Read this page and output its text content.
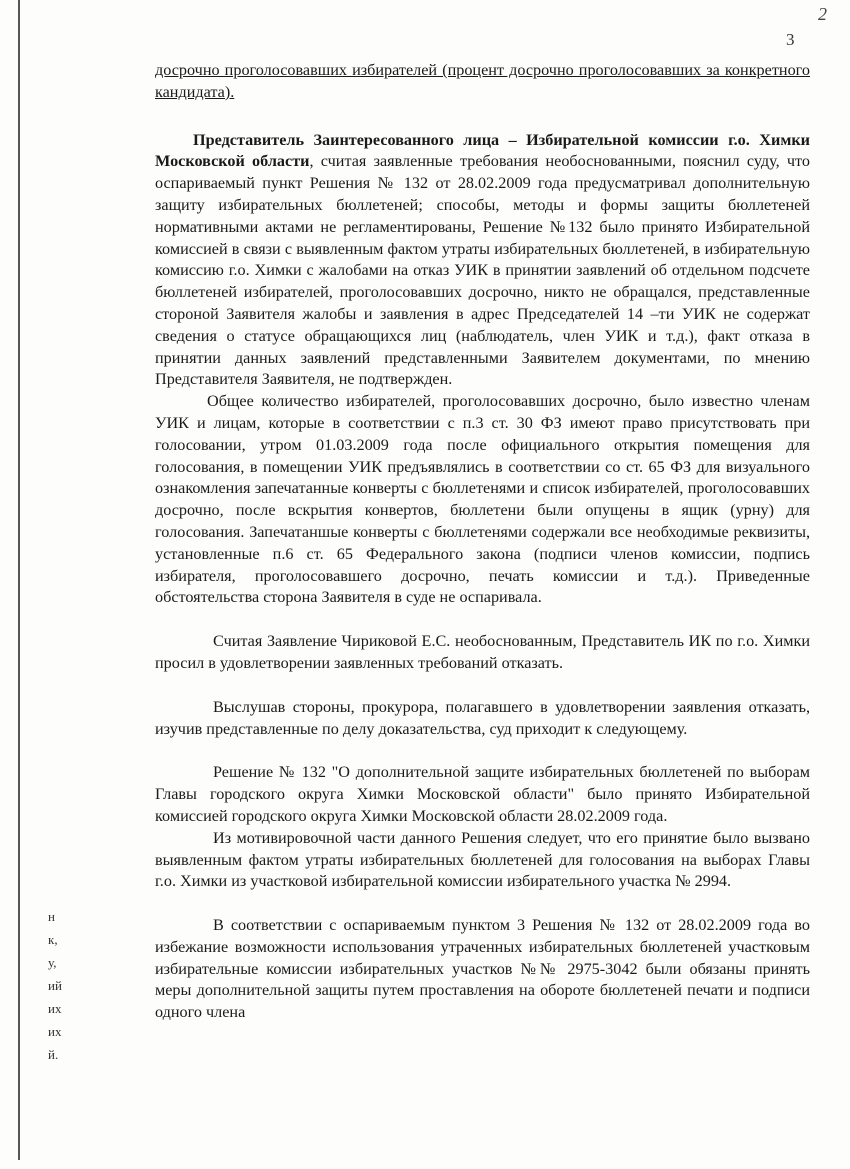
2
3
н
к,
у,
ий
их
их
й.

досрочно проголосовавших избирателей (процент досрочно проголосовавших за конкретного кандидата).

Представитель Заинтересованного лица – Избирательной комиссии г.о. Химки Московской области, считая заявленные требования необоснованными, пояснил суду, что оспариваемый пункт Решения № 132 от 28.02.2009 года предусматривал дополнительную защиту избирательных бюллетеней; способы, методы и формы защиты бюллетеней нормативными актами не регламентированы, Решение №132 было принято Избирательной комиссией в связи с выявленным фактом утраты избирательных бюллетеней, в избирательную комиссию г.о. Химки с жалобами на отказ УИК в принятии заявлений об отдельном подсчете бюллетеней избирателей, проголосовавших досрочно, никто не обращался, представленные стороной Заявителя жалобы и заявления в адрес Председателей 14 –ти УИК не содержат сведения о статусе обращающихся лиц (наблюдатель, член УИК и т.д.), факт отказа в принятии данных заявлений представленными Заявителем документами, по мнению Представителя Заявителя, не подтвержден.

Общее количество избирателей, проголосовавших досрочно, было известно членам УИК и лицам, которые в соответствии с п.3 ст. 30 ФЗ имеют право присутствовать при голосовании, утром 01.03.2009 года после официального открытия помещения для голосования, в помещении УИК предъявлялись в соответствии со ст. 65 ФЗ для визуального ознакомления запечатанные конверты с бюллетенями и список избирателей, проголосовавших досрочно, после вскрытия конвертов, бюллетени были опущены в ящик (урну) для голосования. Запечатаншые конверты с бюллетенями содержали все необходимые реквизиты, установленные п.6 ст. 65 Федерального закона (подписи членов комиссии, подпись избирателя, проголосовавшего досрочно, печать комиссии и т.д.). Приведенные обстоятельства сторона Заявителя в суде не оспаривала.

Считая Заявление Чириковой Е.С. необоснованным, Представитель ИК по г.о. Химки просил в удовлетворении заявленных требований отказать.

Выслушав стороны, прокурора, полагавшего в удовлетворении заявления отказать, изучив представленные по делу доказательства, суд приходит к следующему.

Решение № 132 "О дополнительной защите избирательных бюллетеней по выборам Главы городского округа Химки Московской области" было принято Избирательной комиссией городского округа Химки Московской области 28.02.2009 года.

Из мотивировочной части данного Решения следует, что его принятие было вызвано выявленным фактом утраты избирательных бюллетеней для голосования на выборах Главы г.о. Химки из участковой избирательной комиссии избирательного участка № 2994.

В соответствии с оспариваемым пунктом 3 Решения № 132 от 28.02.2009 года во избежание возможности использования утраченных избирательных бюллетеней участковым избирательные комиссии избирательных участков №№ 2975-3042 были обязаны принять меры дополнительной защиты путем проставления на обороте бюллетеней печати и подписи одного члена
